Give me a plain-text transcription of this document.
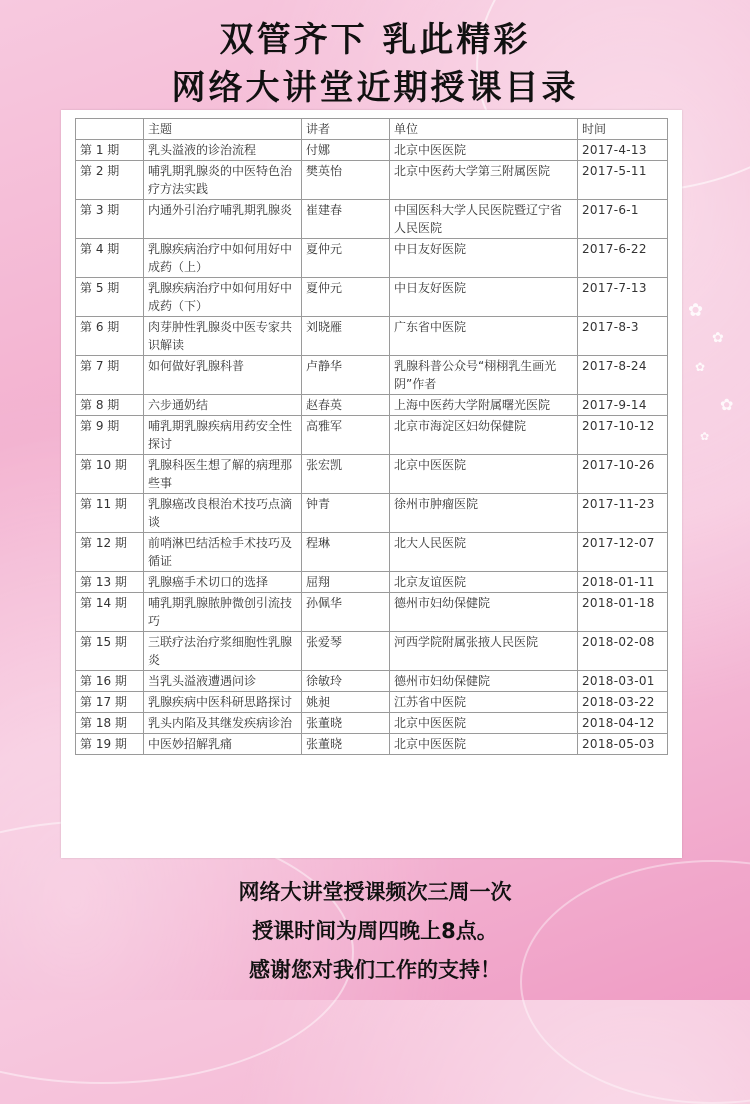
✿
✿
✿
✿
✿
双管齐下 乳此精彩
网络大讲堂近期授课目录
	主题	讲者	单位	时间
第 1 期	乳头溢液的诊治流程	付娜	北京中医医院	2017-4-13
第 2 期	哺乳期乳腺炎的中医特色治疗方法实践	樊英怡	北京中医药大学第三附属医院	2017-5-11
第 3 期	内通外引治疗哺乳期乳腺炎	崔建春	中国医科大学人民医院暨辽宁省人民医院	2017-6-1
第 4 期	乳腺疾病治疗中如何用好中成药（上）	夏仲元	中日友好医院	2017-6-22
第 5 期	乳腺疾病治疗中如何用好中成药（下）	夏仲元	中日友好医院	2017-7-13
第 6 期	肉芽肿性乳腺炎中医专家共识解读	刘晓雁	广东省中医院	2017-8-3
第 7 期	如何做好乳腺科普	卢静华	乳腺科普公众号“栩栩乳生画光阴”作者	2017-8-24
第 8 期	六步通奶结	赵春英	上海中医药大学附属曙光医院	2017-9-14
第 9 期	哺乳期乳腺疾病用药安全性探讨	高雅军	北京市海淀区妇幼保健院	2017-10-12
第 10 期	乳腺科医生想了解的病理那些事	张宏凯	北京中医医院	2017-10-26
第 11 期	乳腺癌改良根治术技巧点滴谈	钟青	徐州市肿瘤医院	2017-11-23
第 12 期	前哨淋巴结活检手术技巧及循证	程琳	北大人民医院	2017-12-07
第 13 期	乳腺癌手术切口的选择	屈翔	北京友谊医院	2018-01-11
第 14 期	哺乳期乳腺脓肿微创引流技巧	孙佩华	德州市妇幼保健院	2018-01-18
第 15 期	三联疗法治疗浆细胞性乳腺炎	张爱琴	河西学院附属张掖人民医院	2018-02-08
第 16 期	当乳头溢液遭遇问诊	徐敏玲	德州市妇幼保健院	2018-03-01
第 17 期	乳腺疾病中医科研思路探讨	姚昶	江苏省中医院	2018-03-22
第 18 期	乳头内陷及其继发疾病诊治	张董晓	北京中医医院	2018-04-12
第 19 期	中医妙招解乳痛	张董晓	北京中医医院	2018-05-03
网络大讲堂授课频次三周一次
授课时间为周四晚上8点。
感谢您对我们工作的支持！
